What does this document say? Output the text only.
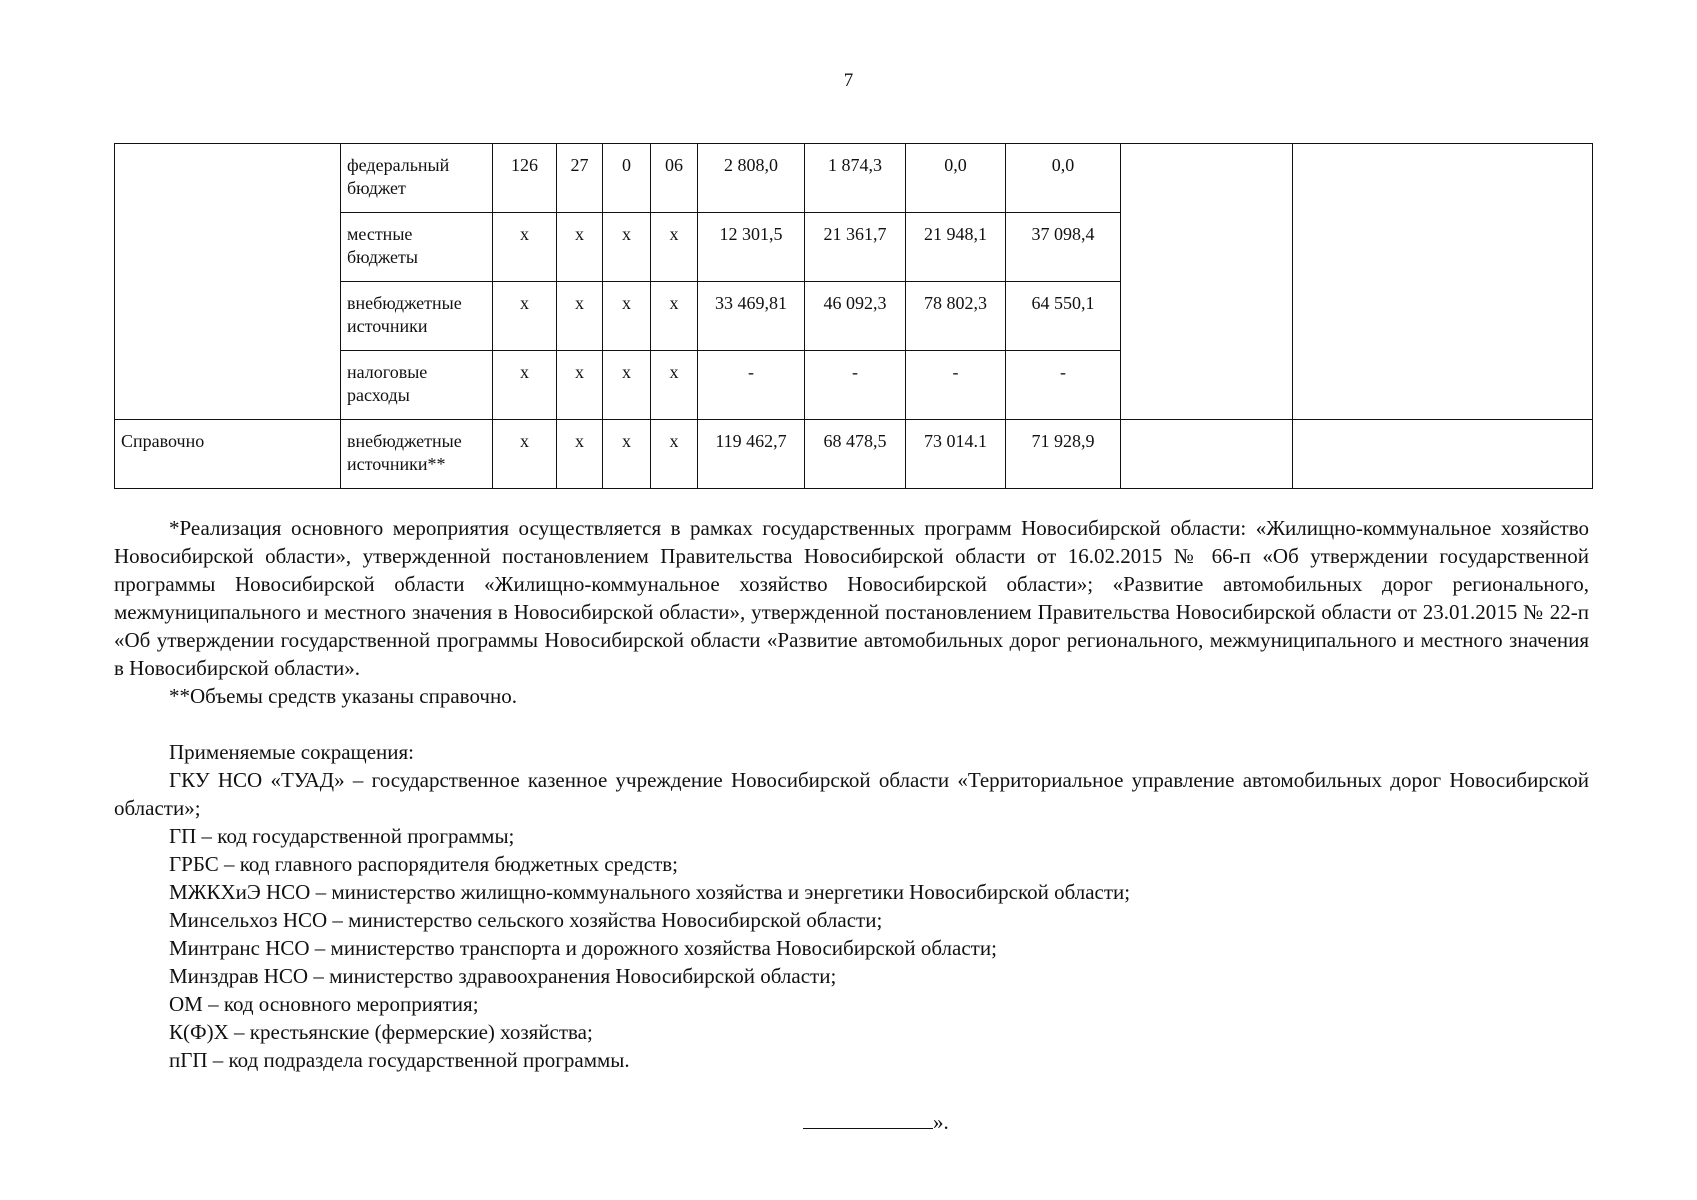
7
	федеральный бюджет	126	27	0	06	2 808,0	1 874,3	0,0	0,0		
	местные бюджеты	х	х	х	х	12 301,5	21 361,7	21 948,1	37 098,4		
	внебюджетные источники	х	х	х	х	33 469,81	46 092,3	78 802,3	64 550,1		
	налоговые расходы	х	х	х	х	-	-	-	-		
Справочно	внебюджетные источники**	х	х	х	х	119 462,7	68 478,5	73 014.1	71 928,9		

*Реализация основного мероприятия осуществляется в рамках государственных программ Новосибирской области: «Жилищно-коммунальное хозяйство Новосибирской области», утвержденной постановлением Правительства Новосибирской области от 16.02.2015 № 66-п «Об утверждении государственной программы Новосибирской области «Жилищно-коммунальное хозяйство Новосибирской области»; «Развитие автомобильных дорог регионального, межмуниципального и местного значения в Новосибирской области», утвержденной постановлением Правительства Новосибирской области от 23.01.2015 № 22-п «Об утверждении государственной программы Новосибирской области «Развитие автомобильных дорог регионального, межмуниципального и местного значения в Новосибирской области».

**Объемы средств указаны справочно.

Применяемые сокращения:

ГКУ НСО «ТУАД» – государственное казенное учреждение Новосибирской области «Территориальное управление автомобильных дорог Новосибирской области»;

ГП – код государственной программы;

ГРБС – код главного распорядителя бюджетных средств;

МЖКХиЭ НСО – министерство жилищно-коммунального хозяйства и энергетики Новосибирской области;

Минсельхоз НСО – министерство сельского хозяйства Новосибирской области;

Минтранс НСО – министерство транспорта и дорожного хозяйства Новосибирской области;

Минздрав НСО – министерство здравоохранения Новосибирской области;

ОМ – код основного мероприятия;

К(Ф)Х – крестьянские (фермерские) хозяйства;

пГП – код подраздела государственной программы.

».
